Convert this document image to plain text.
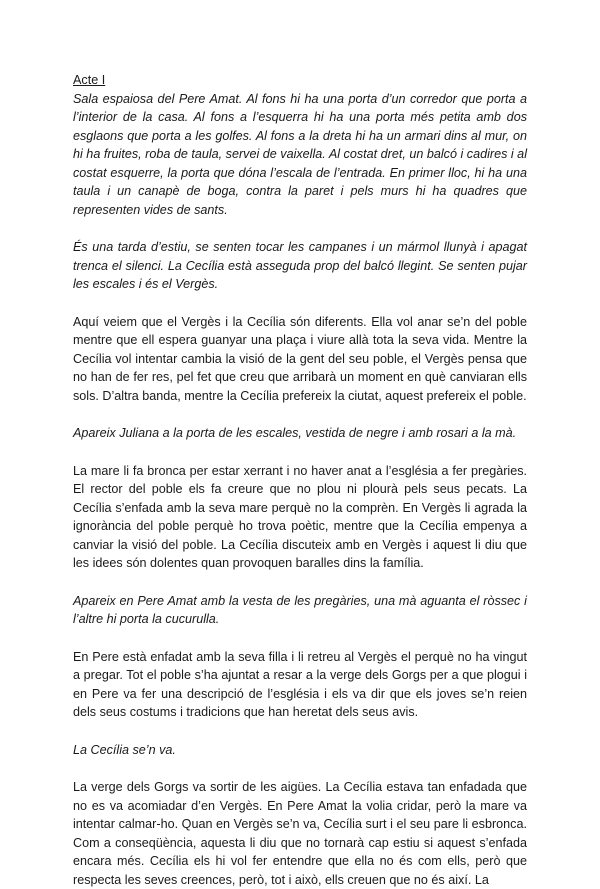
Acte I

Sala espaiosa del Pere Amat. Al fons hi ha una porta d’un corredor que porta a l’interior de la casa. Al fons a l’esquerra hi ha una porta més petita amb dos esglaons que porta a les golfes. Al fons a la dreta hi ha un armari dins al mur, on hi ha fruites, roba de taula, servei de vaixella. Al costat dret, un balcó i cadires i al costat esquerre, la porta que dóna l’escala de l’entrada. En primer lloc, hi ha una taula i un canapè de boga, contra la paret i pels murs hi ha quadres que representen vides de sants.

És una tarda d’estiu, se senten tocar les campanes i un mármol llunyà i apagat trenca el silenci. La Cecília està asseguda prop del balcó llegint. Se senten pujar les escales i és el Vergès.

Aquí veiem que el Vergès i la Cecília són diferents. Ella vol anar se’n del poble mentre que ell espera guanyar una plaça i viure allà tota la seva vida. Mentre la Cecília vol intentar cambia la visió de la gent del seu poble, el Vergès pensa que no han de fer res, pel fet que creu que arribarà un moment en què canviaran ells sols. D’altra banda, mentre la Cecília prefereix la ciutat, aquest prefereix el poble.

Apareix Juliana a la porta de les escales, vestida de negre i amb rosari a la mà.

La mare li fa bronca per estar xerrant i no haver anat a l’església a fer pregàries. El rector del poble els fa creure que no plou ni plourà pels seus pecats. La Cecília s’enfada amb la seva mare perquè no la comprèn. En Vergès li agrada la ignorància del poble perquè ho trova poètic, mentre que la Cecília empenya a canviar la visió del poble. La Cecília discuteix amb en Vergès i aquest li diu que les idees són dolentes quan provoquen baralles dins la família.

Apareix en Pere Amat amb la vesta de les pregàries, una mà aguanta el ròssec i l’altre hi porta la cucurulla.

En Pere està enfadat amb la seva filla i li retreu al Vergès el perquè no ha vingut a pregar. Tot el poble s’ha ajuntat a resar a la verge dels Gorgs per a que plogui i en Pere va fer una descripció de l’església i els va dir que els joves se’n reien dels seus costums i tradicions que han heretat dels seus avis.

La Cecília se’n va.

La verge dels Gorgs va sortir de les aigües. La Cecília estava tan enfadada que no es va acomiadar d’en Vergès. En Pere Amat la volia cridar, però la mare va intentar calmar-ho. Quan en Vergès se’n va, Cecília surt i el seu pare li esbronca. Com a conseqüència, aquesta li diu que no tornarà cap estiu si aquest s’enfada encara més. Cecília els hi vol fer entendre que ella no és com ells, però que respecta les seves creences, però, tot i això, ells creuen que no és així. La
